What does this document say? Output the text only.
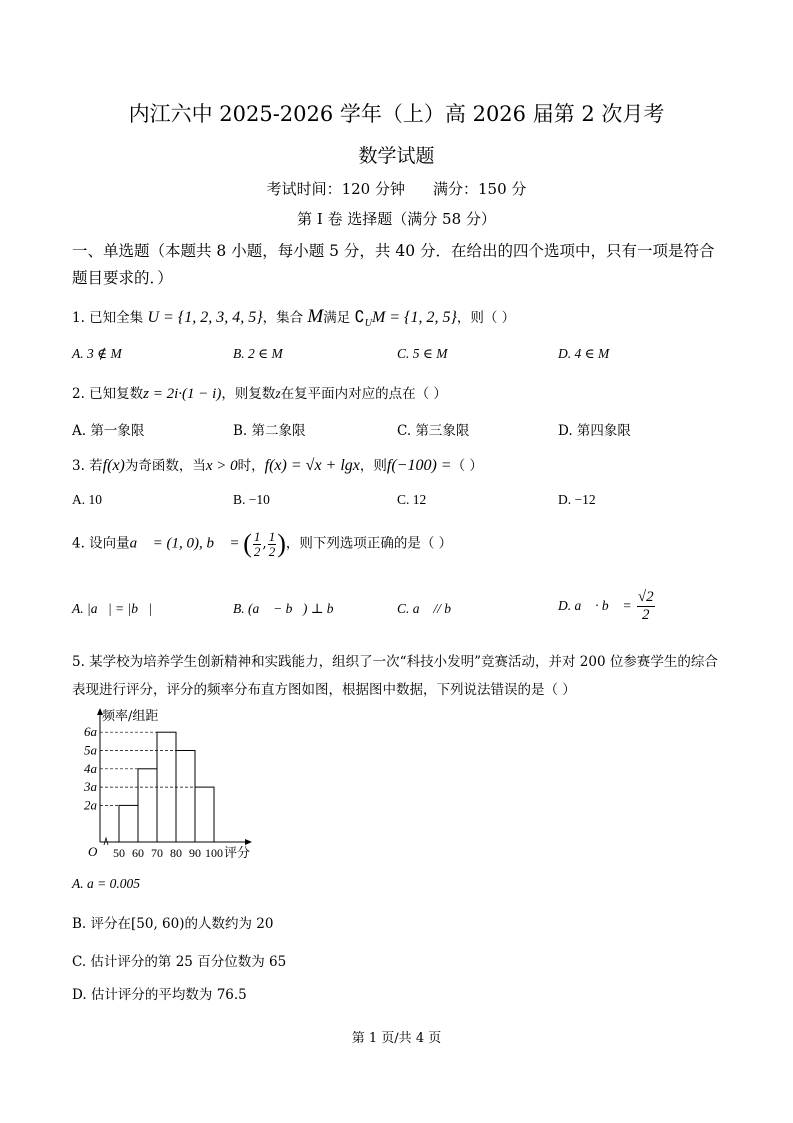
内江六中 2025-2026 学年（上）高 2026 届第 2 次月考
数学试题
考试时间：120 分钟 满分：150 分
第 I 卷 选择题（满分 58 分）
一、单选题（本题共 8 小题，每小题 5 分，共 40 分．在给出的四个选项中，只有一项是符合题目要求的．）
1. 已知全集 U = {1, 2, 3, 4, 5}，集合 M满足 $∁_UM = \{1$, 2, 5}，则（ ）
A. 3 ∉ M	B. 2 ∈ M	C. 5 ∈ M	D. 4 ∈ M
2. 已知复数z = 2i·(1 − i)，则复数z在复平面内对应的点在（ ）
A. 第一象限	B. 第二象限	C. 第三象限	D. 第四象限
3. 若f(x)为奇函数，当x > 0时，f(x) = √x + lgx，则f(−100) =（ ）
A. 10	B. −10	C. 12	D. −12
4. 设向量a⃗ = (1, 0), b⃗ = ( $\frac{1}{2}$ , $\frac{1}{2}$ )，则下列选项正确的是（ ）
A. |a⃗| = |b⃗|	B. (a⃗ − b⃗) ⊥ b⃗	C. a⃗ // b⃗	D. a⃗ · b⃗ = $\frac{√2}{2}$
5. 某学校为培养学生创新精神和实践能力，组织了一次“科技小发明”竞赛活动，并对 200 位参赛学生的综合表现进行评分，评分的频率分布直方图如图，根据图中数据，下列说法错误的是（ ）
2a
3a
4a
5a
6a
50 60 70 80 90 100
O
频率/组距
评分
A. a = 0.005
B. 评分在[50, 60)的人数约为 20
C. 估计评分的第 25 百分位数为 65
D. 估计评分的平均数为 76.5
第 1 页/共 4 页
